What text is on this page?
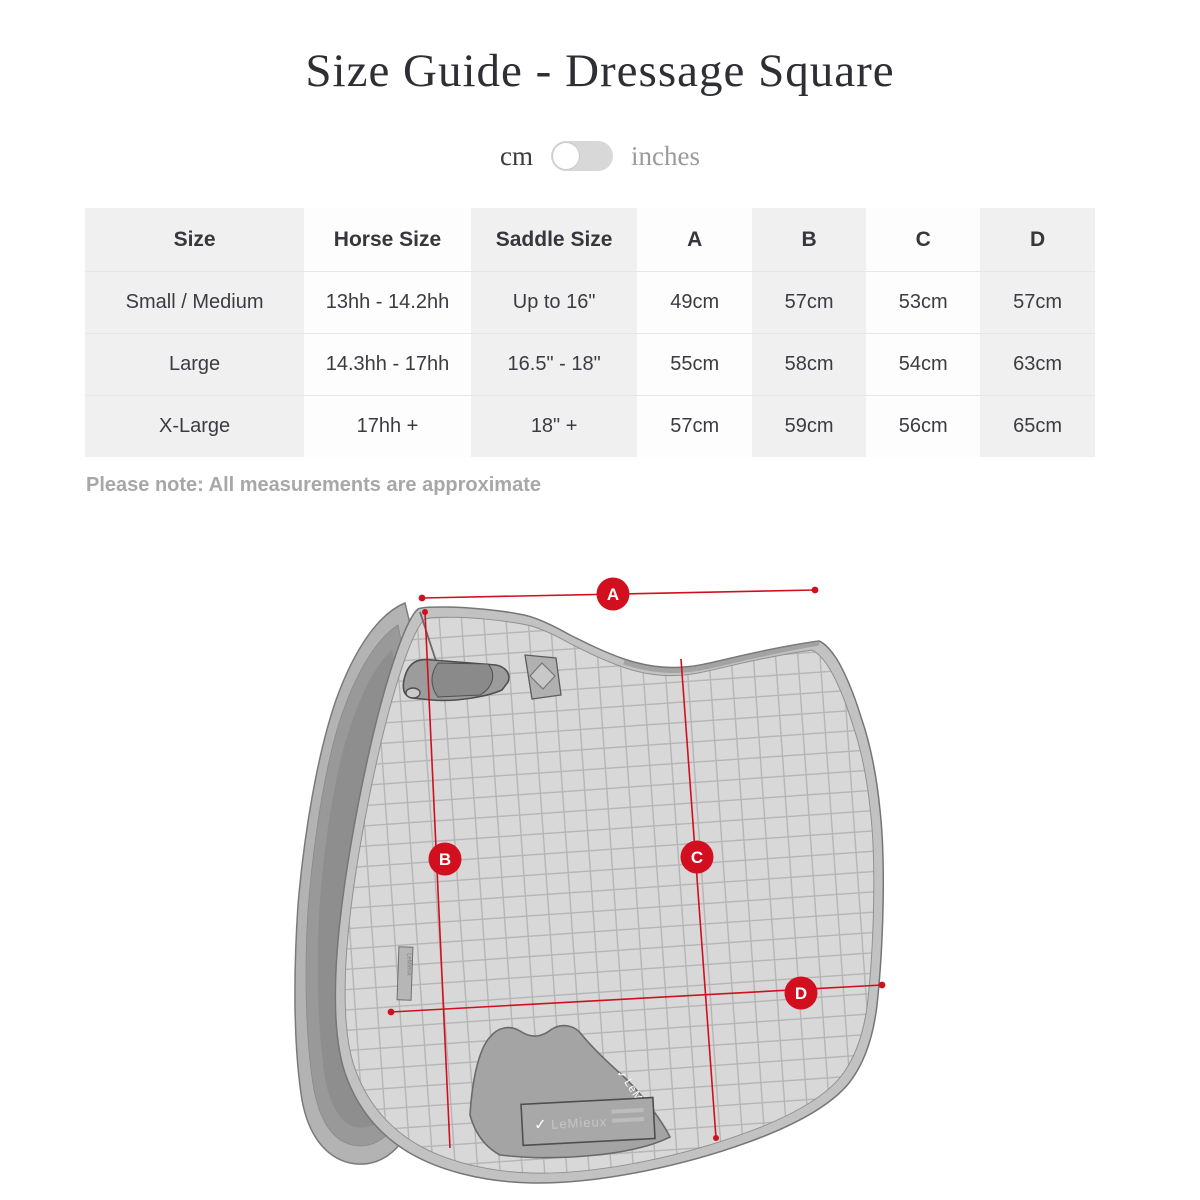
Size Guide - Dressage Square
cm	inches
Size	Horse Size	Saddle Size	A	B	C	D
Small / Medium	13hh - 14.2hh	Up to 16"	49cm	57cm	53cm	57cm
Large	14.3hh - 17hh	16.5" - 18"	55cm	58cm	54cm	63cm
X-Large	17hh +	18" +	57cm	59cm	56cm	65cm
Please note: All measurements are approximate
✓
✓ LeMieux
LeMieux
A
B	C
D
